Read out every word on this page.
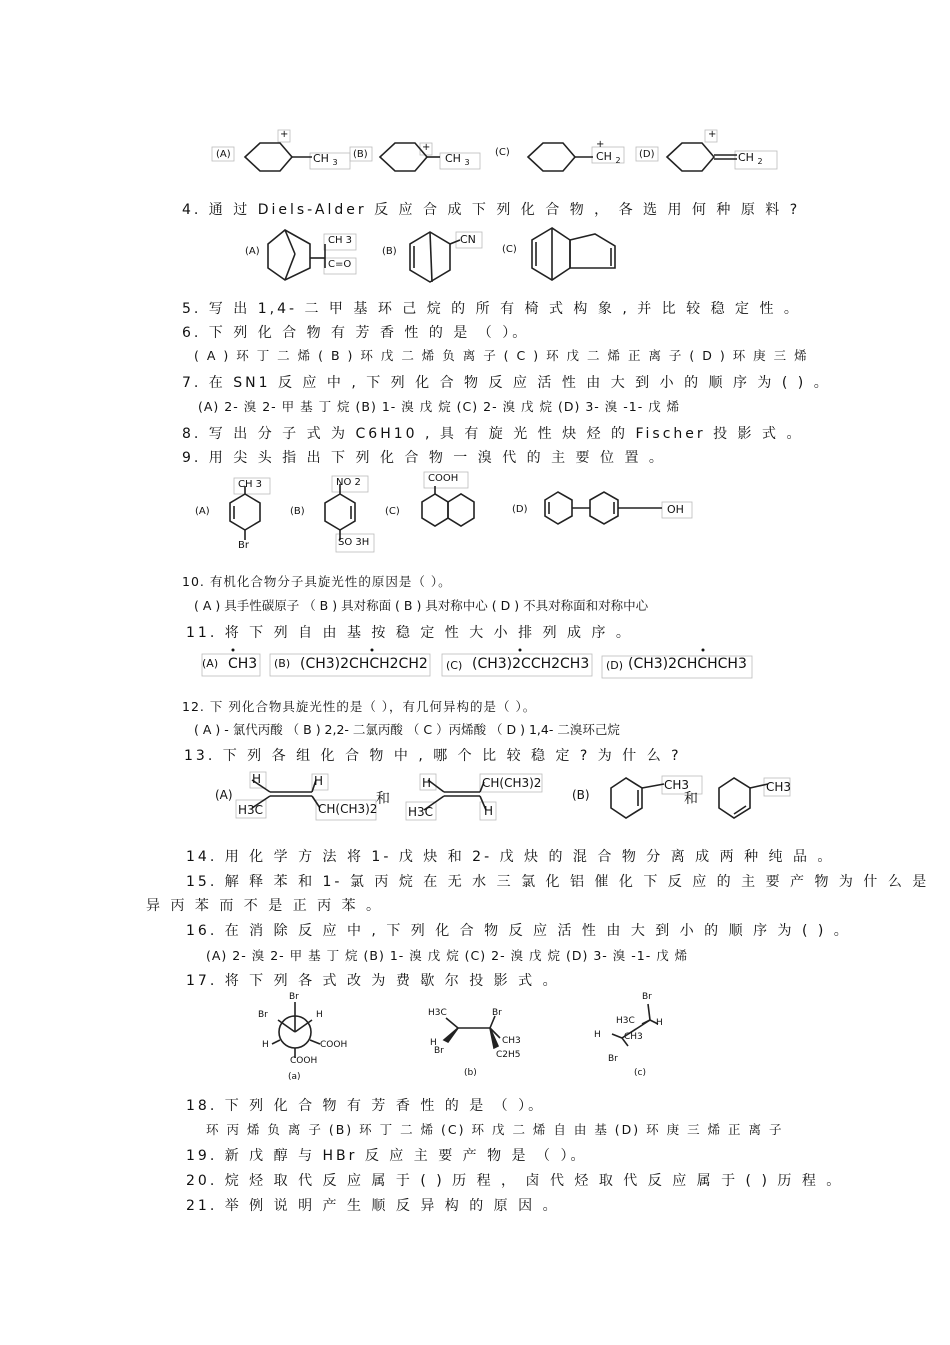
(A)
+
CH $_3$
(B)
+
CH $_3$
(C)
+
CH $_2$
(D)
+
CH $_2$
4. 通 过 Diels-Alder 反 应 合 成 下 列 化 合 物 ， 各 选 用 何 种 原 料 ?
(A)
CH 3
C=O
(B)
CN
(C)
5. 写 出 1,4- 二 甲 基 环 己 烷 的 所 有 椅 式 构 象 , 并 比 较 稳 定 性 。
6. 下 列 化 合 物 有 芳 香 性 的 是 （ ）。
( A ) 环 丁 二 烯 ( B ) 环 戊 二 烯 负 离 子 ( C ) 环 戊 二 烯 正 离 子 ( D ) 环 庚 三 烯
7. 在 SN1 反 应 中 , 下 列 化 合 物 反 应 活 性 由 大 到 小 的 顺 序 为 ( ) 。
(A) 2- 溴 2- 甲 基 丁 烷 (B) 1- 溴 戊 烷 (C) 2- 溴 戊 烷 (D) 3- 溴 -1- 戊 烯
8. 写 出 分 子 式 为 C6H10 , 具 有 旋 光 性 炔 烃 的 Fischer 投 影 式 。
9. 用 尖 头 指 出 下 列 化 合 物 一 溴 代 的 主 要 位 置 。
(A)
CH 3
Br
(B)
NO 2
SO 3H
(C)
COOH
(D)	OH
10. 有机化合物分子具旋光性的原因是（ ）。
( A ) 具手性碳原子 （ B ) 具对称面 ( B ) 具对称中心 ( D ) 不具对称面和对称中心
11. 将 下 列 自 由 基 按 稳 定 性 大 小 排 列 成 序 。
(A) CH3 (B) (CH3)2CHCH2CH2 (C) (CH3)2CCH2CH3 (D) (CH3)2CHCHCH3
12. 下 列化合物具旋光性的是（ ），有几何异构的是（ ）。
( A ) - 氯代丙酸 （ B ) 2,2- 二氯丙酸 （ C ）丙烯酸 （ D ) 1,4- 二溴环己烷
13. 下 列 各 组 化 合 物 中 , 哪 个 比 较 稳 定 ? 为 什 么 ?
(A)
H
H3C
H
CH(CH3)2
和
H
H3C
CH(CH3)2
H
(B)
CH3
和
CH3
14. 用 化 学 方 法 将 1- 戊 炔 和 2- 戊 炔 的 混 合 物 分 离 成 两 种 纯 品 。
15. 解 释 苯 和 1- 氯 丙 烷 在 无 水 三 氯 化 铝 催 化 下 反 应 的 主 要 产 物 为 什 么 是
异 丙 苯 而 不 是 正 丙 苯 。
16. 在 消 除 反 应 中 , 下 列 化 合 物 反 应 活 性 由 大 到 小 的 顺 序 为 ( ) 。
(A) 2- 溴 2- 甲 基 丁 烷 (B) 1- 溴 戊 烷 (C) 2- 溴 戊 烷 (D) 3- 溴 -1- 戊 烯
17. 将 下 列 各 式 改 为 费 歇 尔 投 影 式 。
Br
Br	H
H	COOH
COOH
(a)
H3C	Br
H
Br
CH3
C2H5
(b)
Br
H3C H
H	CH3
Br
(c)
18. 下 列 化 合 物 有 芳 香 性 的 是 （ ）。
环 丙 烯 负 离 子 (B) 环 丁 二 烯 (C) 环 戊 二 烯 自 由 基 (D) 环 庚 三 烯 正 离 子
19. 新 戊 醇 与 HBr 反 应 主 要 产 物 是 （ ）。
20. 烷 烃 取 代 反 应 属 于 ( ) 历 程 ， 卤 代 烃 取 代 反 应 属 于 ( ) 历 程 。
21. 举 例 说 明 产 生 顺 反 异 构 的 原 因 。
